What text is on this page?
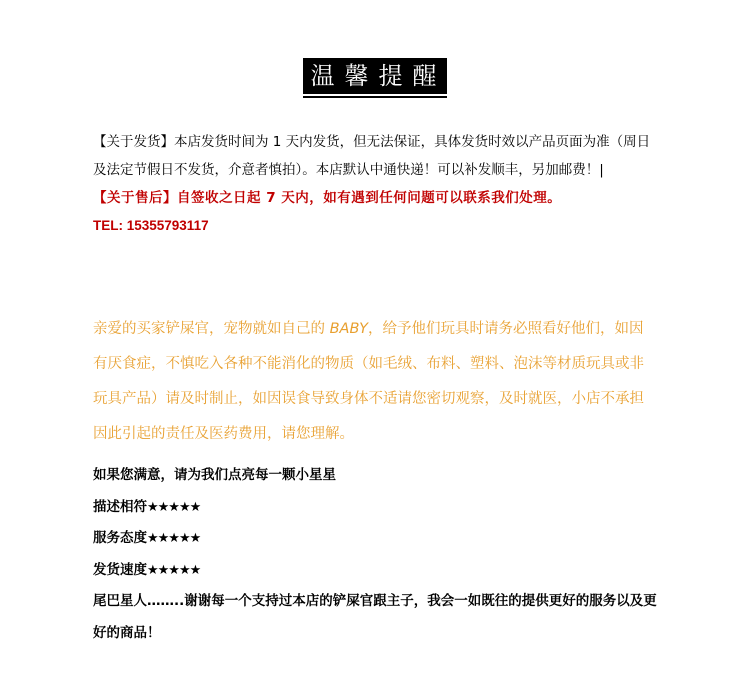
温馨提醒
【关于发货】本店发货时间为 1 天内发货，但无法保证，具体发货时效以产品页面为准（周日及法定节假日不发货，介意者慎拍）。本店默认中通快递！可以补发顺丰，另加邮费！|
【关于售后】自签收之日起 7 天内，如有遇到任何问题可以联系我们处理。
TEL: 15355793117
亲爱的买家铲屎官，宠物就如自己的 BABY，给予他们玩具时请务必照看好他们，如因有厌食症，不慎吃入各种不能消化的物质（如毛绒、布料、塑料、泡沫等材质玩具或非玩具产品）请及时制止，如因误食导致身体不适请您密切观察，及时就医，小店不承担因此引起的责任及医药费用，请您理解。
如果您满意，请为我们点亮每一颗小星星
描述相符★★★★★
服务态度★★★★★
发货速度★★★★★
尾巴星人……..谢谢每一个支持过本店的铲屎官跟主子，我会一如既往的提供更好的服务以及更好的商品！
